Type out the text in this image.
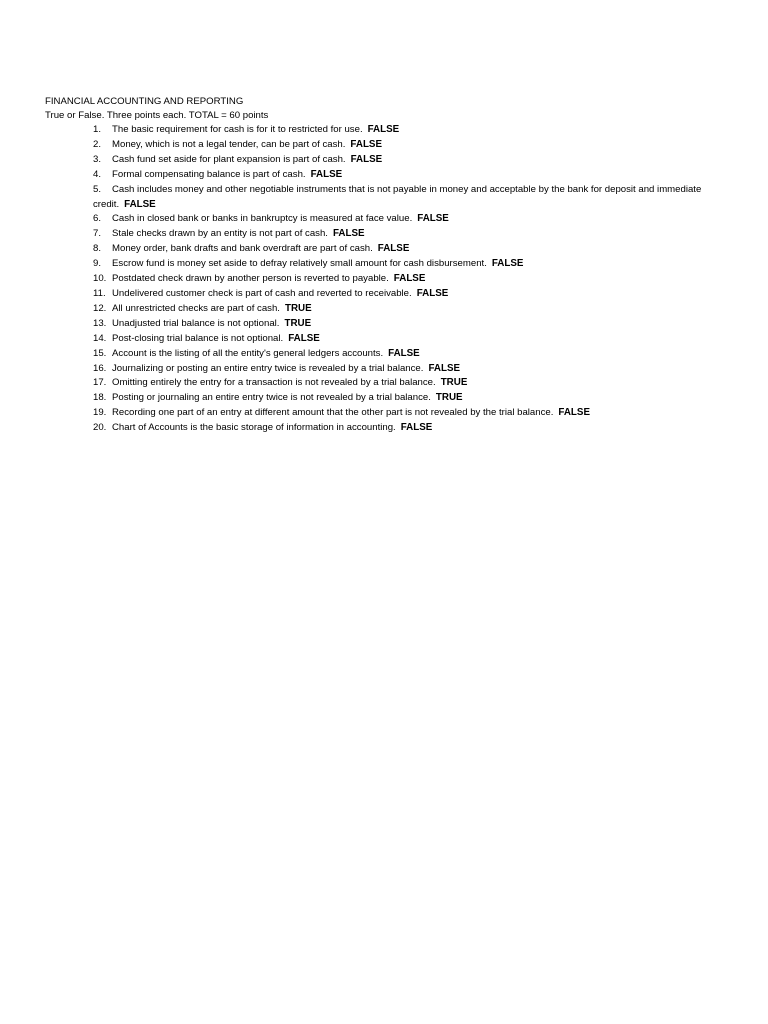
FINANCIAL ACCOUNTING AND REPORTING
True or False. Three points each. TOTAL = 60 points
1. The basic requirement for cash is for it to restricted for use. FALSE
2. Money, which is not a legal tender, can be part of cash. FALSE
3. Cash fund set aside for plant expansion is part of cash. FALSE
4. Formal compensating balance is part of cash. FALSE
5. Cash includes money and other negotiable instruments that is not payable in money and acceptable by the bank for deposit and immediate credit. FALSE
6. Cash in closed bank or banks in bankruptcy is measured at face value. FALSE
7. Stale checks drawn by an entity is not part of cash. FALSE
8. Money order, bank drafts and bank overdraft are part of cash. FALSE
9. Escrow fund is money set aside to defray relatively small amount for cash disbursement. FALSE
10. Postdated check drawn by another person is reverted to payable. FALSE
11. Undelivered customer check is part of cash and reverted to receivable. FALSE
12. All unrestricted checks are part of cash. TRUE
13. Unadjusted trial balance is not optional. TRUE
14. Post-closing trial balance is not optional. FALSE
15. Account is the listing of all the entity's general ledgers accounts. FALSE
16. Journalizing or posting an entire entry twice is revealed by a trial balance. FALSE
17. Omitting entirely the entry for a transaction is not revealed by a trial balance. TRUE
18. Posting or journaling an entire entry twice is not revealed by a trial balance. TRUE
19. Recording one part of an entry at different amount that the other part is not revealed by the trial balance. FALSE
20. Chart of Accounts is the basic storage of information in accounting. FALSE
